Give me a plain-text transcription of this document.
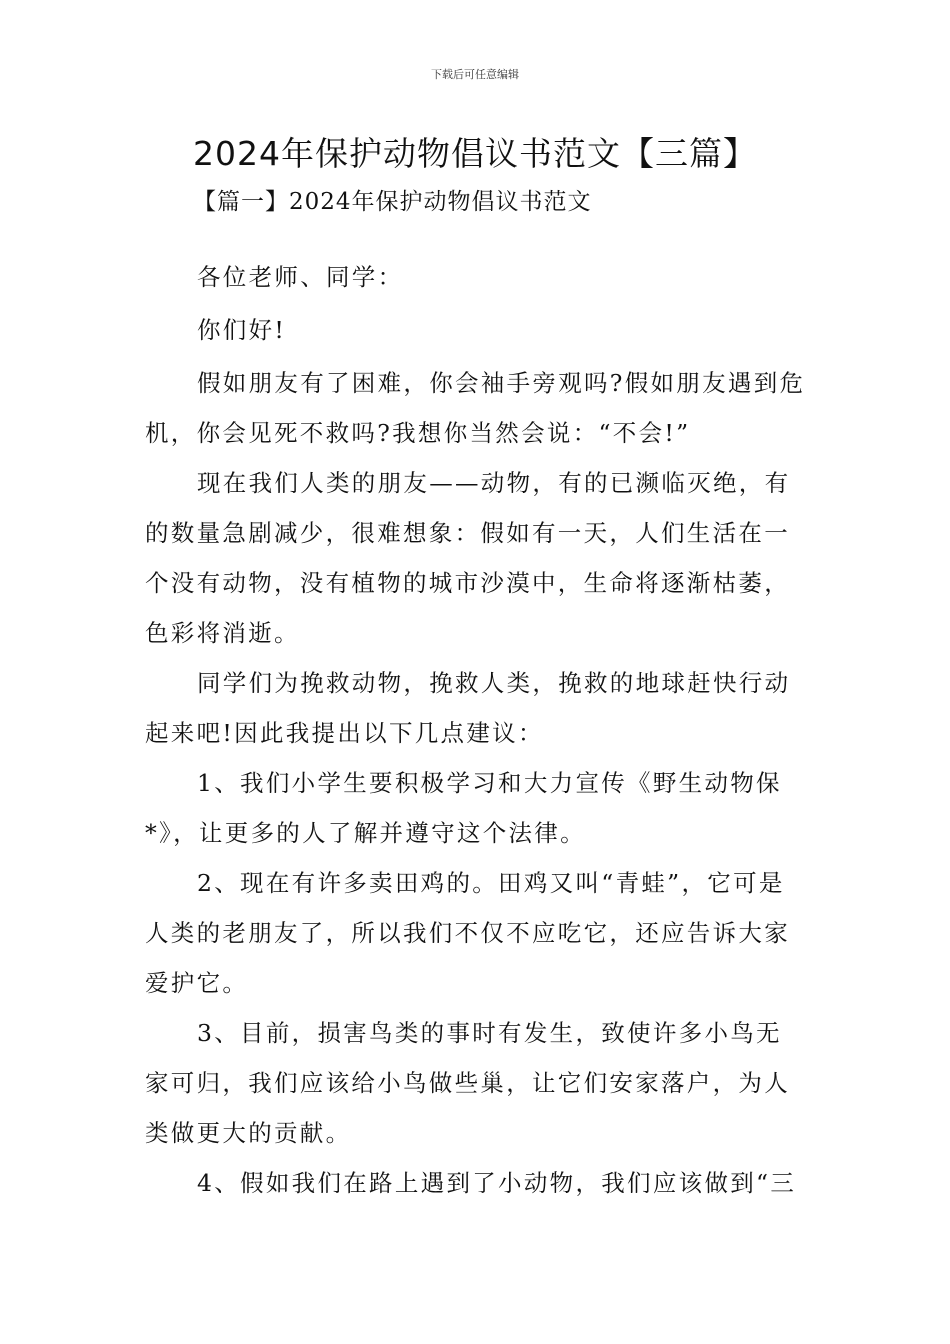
下载后可任意编辑
2024年保护动物倡议书范文【三篇】
【篇一】2024年保护动物倡议书范文

各位老师、同学：

你们好!

假如朋友有了困难，你会袖手旁观吗?假如朋友遇到危机，你会见死不救吗?我想你当然会说：“不会!”

现在我们人类的朋友——动物，有的已濒临灭绝，有的数量急剧减少，很难想象：假如有一天，人们生活在一个没有动物，没有植物的城市沙漠中，生命将逐渐枯萎，色彩将消逝。

同学们为挽救动物，挽救人类，挽救的地球赶快行动起来吧!因此我提出以下几点建议：

1、我们小学生要积极学习和大力宣传《野生动物保*》，让更多的人了解并遵守这个法律。

2、现在有许多卖田鸡的。田鸡又叫“青蛙”，它可是人类的老朋友了，所以我们不仅不应吃它，还应告诉大家爱护它。

3、目前，损害鸟类的事时有发生，致使许多小鸟无家可归，我们应该给小鸟做些巢，让它们安家落户，为人类做更大的贡献。

4、假如我们在路上遇到了小动物，我们应该做到“三
